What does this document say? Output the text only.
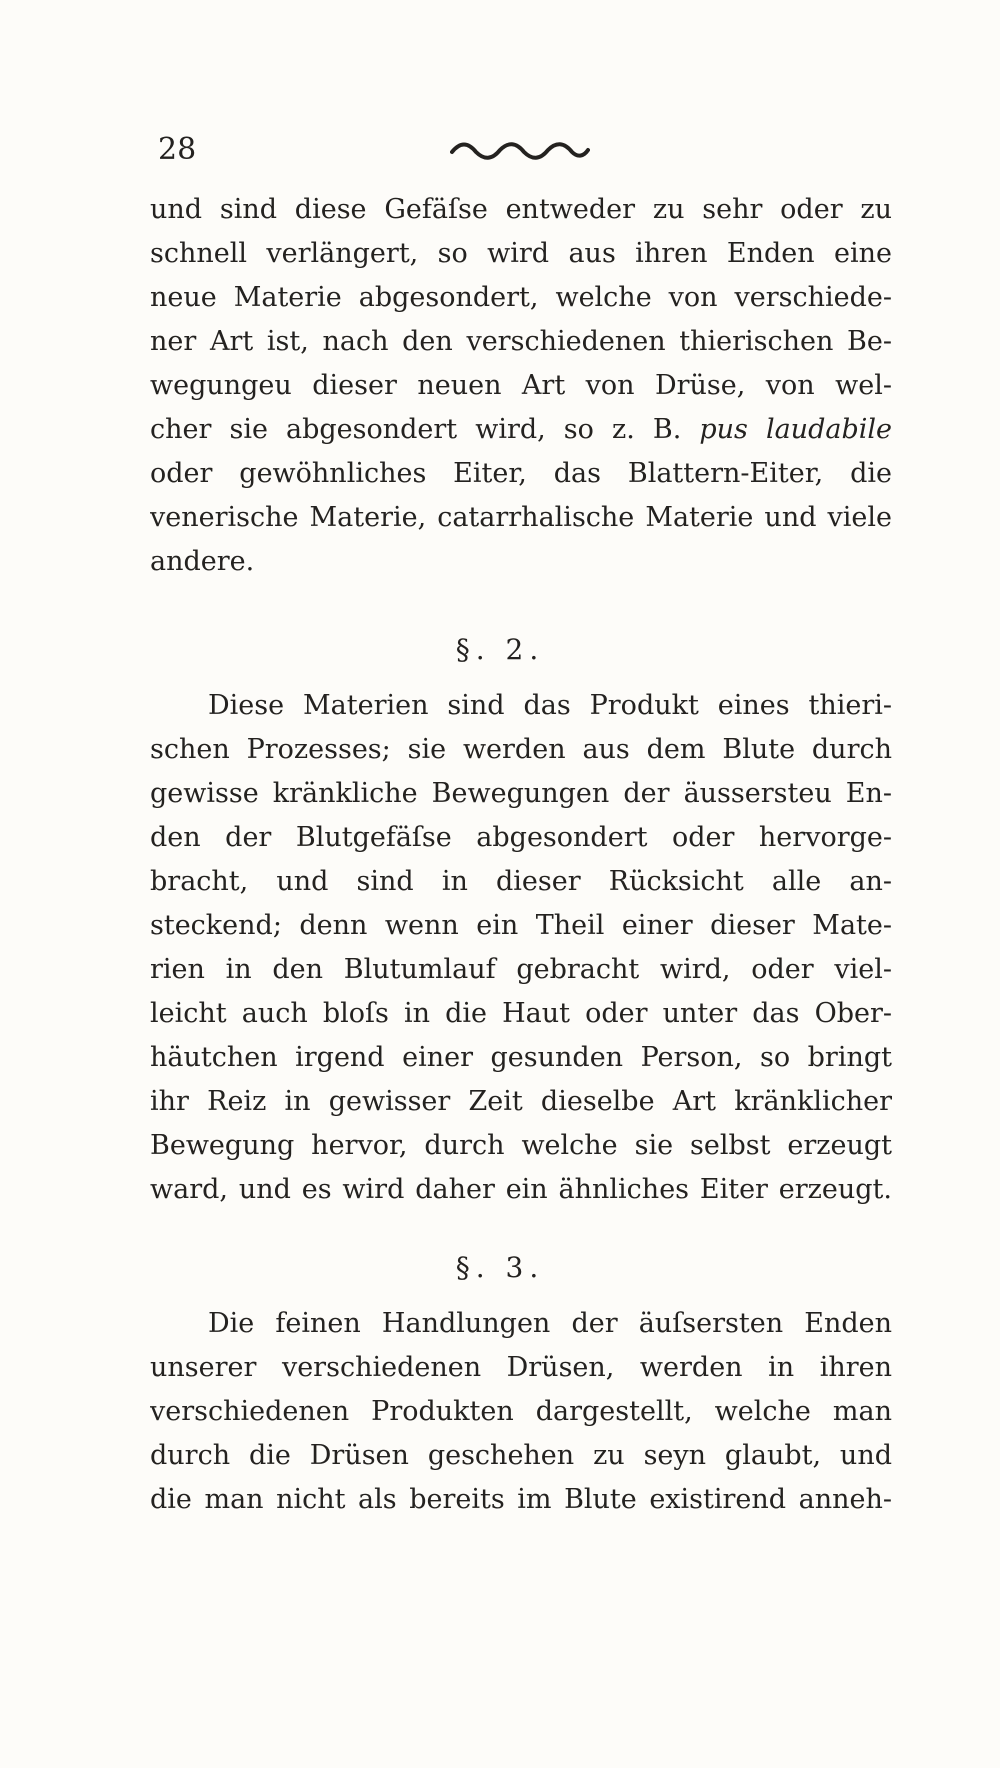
28
und sind diese Gefäſse entweder zu sehr oder zu
schnell verlängert, so wird aus ihren Enden eine
neue Materie abgesondert, welche von verschiede-
ner Art ist, nach den verschiedenen thierischen Be-
wegungeu dieser neuen Art von Drüse, von wel-
cher sie abgesondert wird, so z. B. pus laudabile
oder gewöhnliches Eiter, das Blattern-Eiter, die
venerische Materie, catarrhalische Materie und viele
andere.
§. 2.
Diese Materien sind das Produkt eines thieri-
schen Prozesses; sie werden aus dem Blute durch
gewisse kränkliche Bewegungen der äussersteu En-
den der Blutgefäſse abgesondert oder hervorge-
bracht, und sind in dieser Rücksicht alle an-
steckend; denn wenn ein Theil einer dieser Mate-
rien in den Blutumlauf gebracht wird, oder viel-
leicht auch bloſs in die Haut oder unter das Ober-
häutchen irgend einer gesunden Person, so bringt
ihr Reiz in gewisser Zeit dieselbe Art kränklicher
Bewegung hervor, durch welche sie selbst erzeugt
ward, und es wird daher ein ähnliches Eiter erzeugt.
§. 3.
Die feinen Handlungen der äuſsersten Enden
unserer verschiedenen Drüsen, werden in ihren
verschiedenen Produkten dargestellt, welche man
durch die Drüsen geschehen zu seyn glaubt, und
die man nicht als bereits im Blute existirend anneh-
